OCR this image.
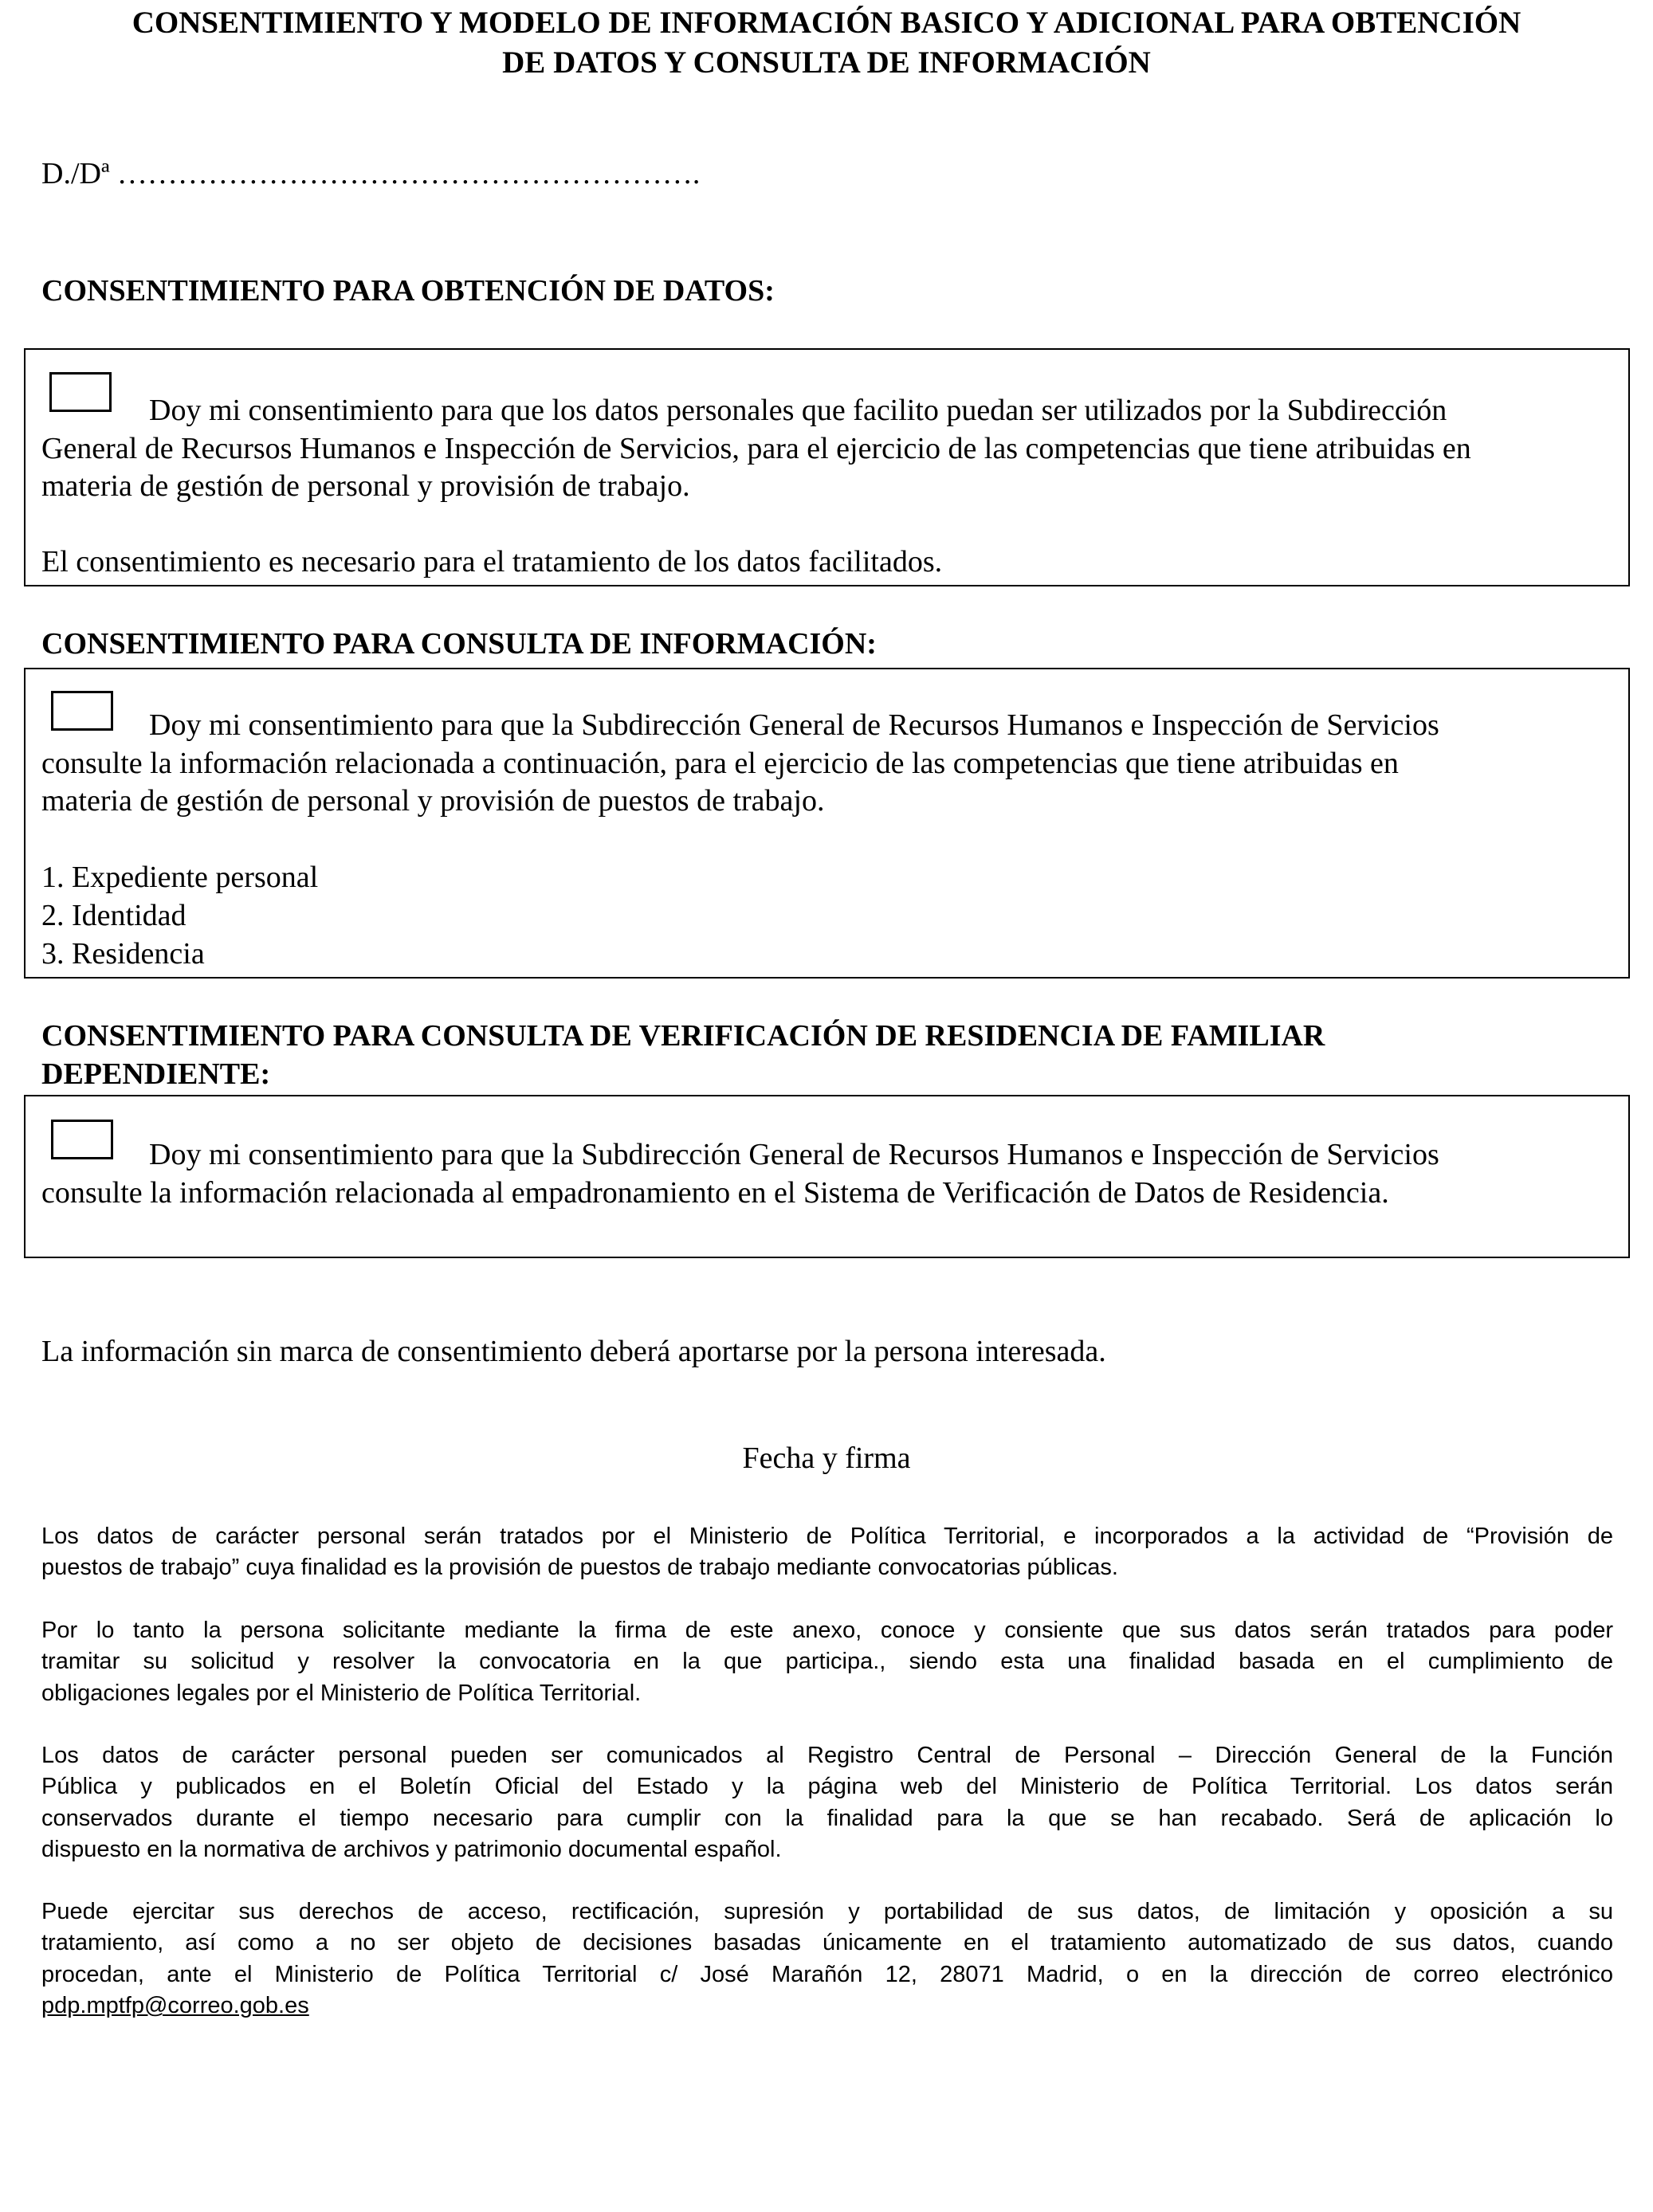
CONSENTIMIENTO Y MODELO DE INFORMACIÓN BASICO Y ADICIONAL PARA OBTENCIÓN
DE DATOS Y CONSULTA DE INFORMACIÓN
D./Dª ………………………………………………….
CONSENTIMIENTO PARA OBTENCIÓN DE DATOS:
Doy mi consentimiento para que los datos personales que facilito puedan ser utilizados por la Subdirección
General de Recursos Humanos e Inspección de Servicios, para el ejercicio de las competencias que tiene atribuidas en
materia de gestión de personal y provisión de trabajo.
El consentimiento es necesario para el tratamiento de los datos facilitados.
CONSENTIMIENTO PARA CONSULTA DE INFORMACIÓN:
Doy mi consentimiento para que la Subdirección General de Recursos Humanos e Inspección de Servicios
consulte la información relacionada a continuación, para el ejercicio de las competencias que tiene atribuidas en
materia de gestión de personal y provisión de puestos de trabajo.
1. Expediente personal
2. Identidad
3. Residencia
CONSENTIMIENTO PARA CONSULTA DE VERIFICACIÓN DE RESIDENCIA DE FAMILIAR
DEPENDIENTE:
Doy mi consentimiento para que la Subdirección General de Recursos Humanos e Inspección de Servicios
consulte la información relacionada al empadronamiento en el Sistema de Verificación de Datos de Residencia.
La información sin marca de consentimiento deberá aportarse por la persona interesada.
Fecha y firma
Los datos de carácter personal serán tratados por el Ministerio de Política Territorial, e incorporados a la actividad de “Provisión de
puestos de trabajo” cuya finalidad es la provisión de puestos de trabajo mediante convocatorias públicas.
Por lo tanto la persona solicitante mediante la firma de este anexo, conoce y consiente que sus datos serán tratados para poder
tramitar su solicitud y resolver la convocatoria en la que participa., siendo esta una finalidad basada en el cumplimiento de
obligaciones legales por el Ministerio de Política Territorial.
Los datos de carácter personal pueden ser comunicados al Registro Central de Personal – Dirección General de la Función
Pública y publicados en el Boletín Oficial del Estado y la página web del Ministerio de Política Territorial. Los datos serán
conservados durante el tiempo necesario para cumplir con la finalidad para la que se han recabado. Será de aplicación lo
dispuesto en la normativa de archivos y patrimonio documental español.
Puede ejercitar sus derechos de acceso, rectificación, supresión y portabilidad de sus datos, de limitación y oposición a su
tratamiento, así como a no ser objeto de decisiones basadas únicamente en el tratamiento automatizado de sus datos, cuando
procedan, ante el Ministerio de Política Territorial c/ José Marañón 12, 28071 Madrid, o en la dirección de correo electrónico
pdp.mptfp@correo.gob.es
